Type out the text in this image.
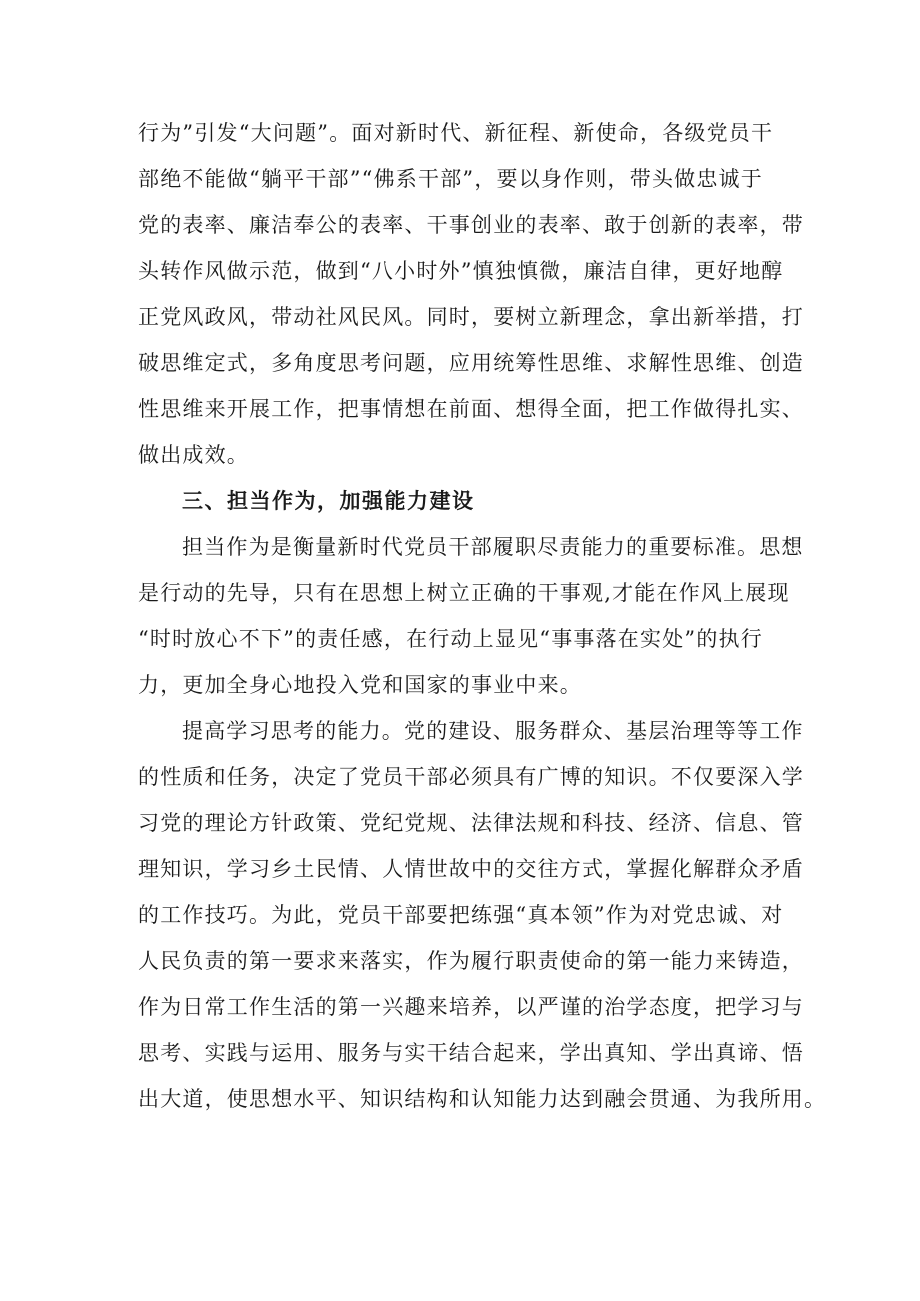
行为”引发“大问题”。面对新时代、新征程、新使命，各级党员干
部绝不能做“躺平干部”“佛系干部”，要以身作则，带头做忠诚于
党的表率、廉洁奉公的表率、干事创业的表率、敢于创新的表率，带
头转作风做示范，做到“八小时外”慎独慎微，廉洁自律，更好地醇
正党风政风，带动社风民风。同时，要树立新理念，拿出新举措，打
破思维定式，多角度思考问题，应用统筹性思维、求解性思维、创造
性思维来开展工作，把事情想在前面、想得全面，把工作做得扎实、
做出成效。

三、担当作为，加强能力建设

担当作为是衡量新时代党员干部履职尽责能力的重要标准。思想
是行动的先导，只有在思想上树立正确的干事观,才能在作风上展现
“时时放心不下”的责任感，在行动上显见“事事落在实处”的执行
力，更加全身心地投入党和国家的事业中来。

提高学习思考的能力。党的建设、服务群众、基层治理等等工作
的性质和任务，决定了党员干部必须具有广博的知识。不仅要深入学
习党的理论方针政策、党纪党规、法律法规和科技、经济、信息、管
理知识，学习乡土民情、人情世故中的交往方式，掌握化解群众矛盾
的工作技巧。为此，党员干部要把练强“真本领”作为对党忠诚、对
人民负责的第一要求来落实，作为履行职责使命的第一能力来铸造，
作为日常工作生活的第一兴趣来培养，以严谨的治学态度，把学习与
思考、实践与运用、服务与实干结合起来，学出真知、学出真谛、悟
出大道，使思想水平、知识结构和认知能力达到融会贯通、为我所用。
